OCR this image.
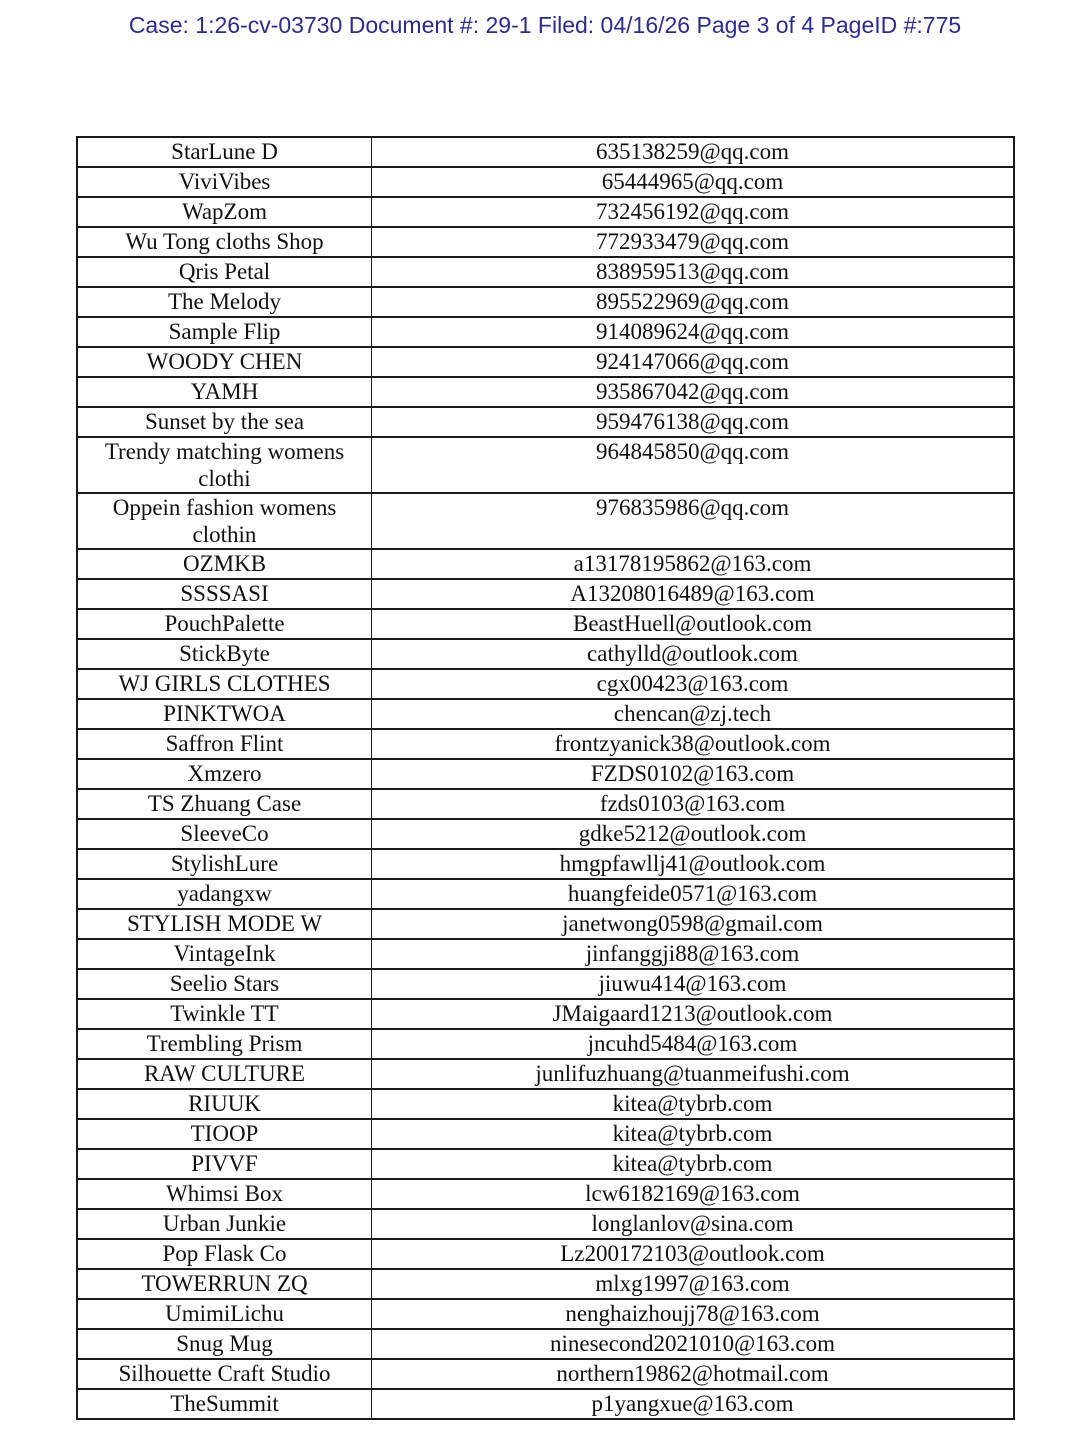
Case: 1:26-cv-03730 Document #: 29-1 Filed: 04/16/26 Page 3 of 4 PageID #:775
StarLune D	635138259@qq.com
ViviVibes	65444965@qq.com
WapZom	732456192@qq.com
Wu Tong cloths Shop	772933479@qq.com
Qris Petal	838959513@qq.com
The Melody	895522969@qq.com
Sample Flip	914089624@qq.com
WOODY CHEN	924147066@qq.com
YAMH	935867042@qq.com
Sunset by the sea	959476138@qq.com
Trendy matching womens clothi	964845850@qq.com
Oppein fashion womens clothin	976835986@qq.com
OZMKB	a13178195862@163.com
SSSSASI	A13208016489@163.com
PouchPalette	BeastHuell@outlook.com
StickByte	cathylld@outlook.com
WJ GIRLS CLOTHES	cgx00423@163.com
PINKTWOA	chencan@zj.tech
Saffron Flint	frontzyanick38@outlook.com
Xmzero	FZDS0102@163.com
TS Zhuang Case	fzds0103@163.com
SleeveCo	gdke5212@outlook.com
StylishLure	hmgpfawllj41@outlook.com
yadangxw	huangfeide0571@163.com
STYLISH MODE W	janetwong0598@gmail.com
VintageInk	jinfanggji88@163.com
Seelio Stars	jiuwu414@163.com
Twinkle TT	JMaigaard1213@outlook.com
Trembling Prism	jncuhd5484@163.com
RAW CULTURE	junlifuzhuang@tuanmeifushi.com
RIUUK	kitea@tybrb.com
TIOOP	kitea@tybrb.com
PIVVF	kitea@tybrb.com
Whimsi Box	lcw6182169@163.com
Urban Junkie	longlanlov@sina.com
Pop Flask Co	Lz200172103@outlook.com
TOWERRUN ZQ	mlxg1997@163.com
UmimiLichu	nenghaizhoujj78@163.com
Snug Mug	ninesecond2021010@163.com
Silhouette Craft Studio	northern19862@hotmail.com
TheSummit	p1yangxue@163.com
